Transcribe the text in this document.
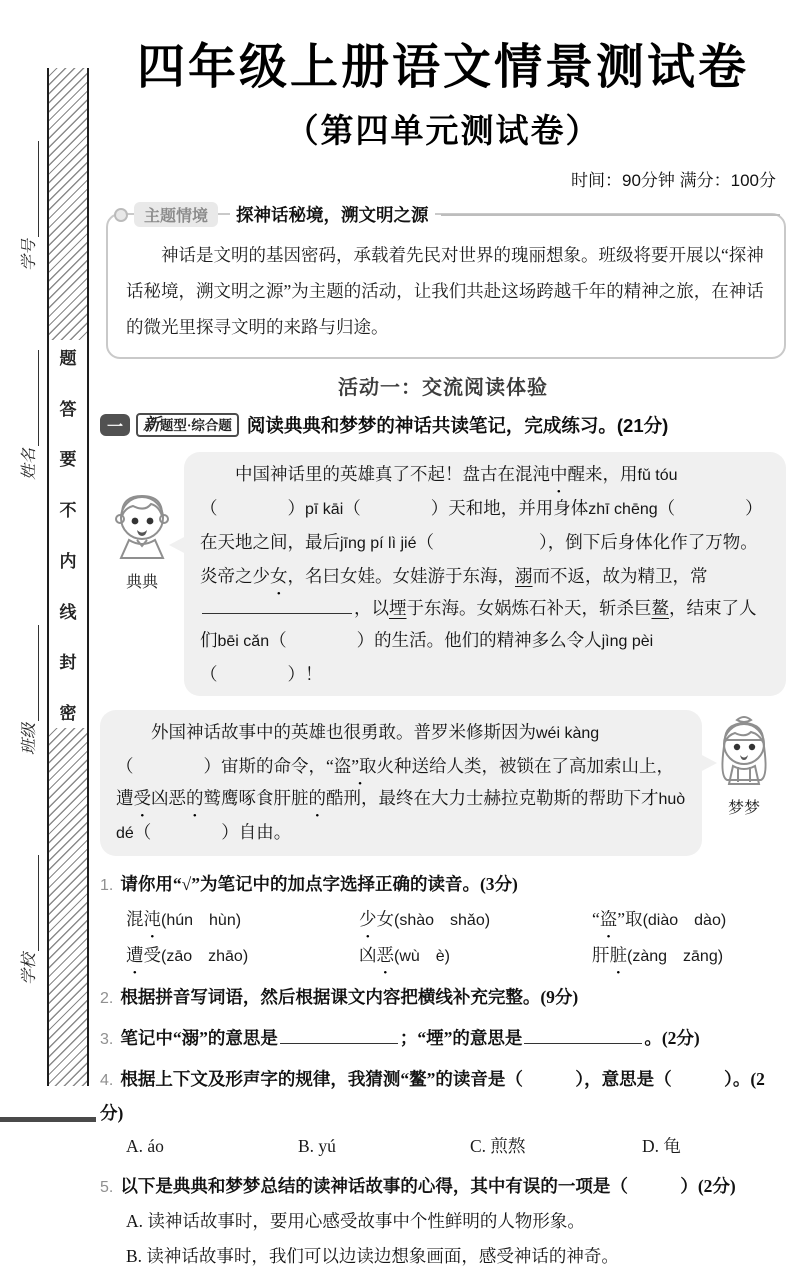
学号
姓名
班级
学校
题
答
要
不
内
线
封
密
四年级上册语文情景测试卷
（第四单元测试卷）
时间：90分钟 满分：100分
主题情境	探神话秘境，溯文明之源

神话是文明的基因密码，承载着先民对世界的瑰丽想象。班级将要开展以“探神话秘境，溯文明之源”为主题的活动，让我们共赴这场跨越千年的精神之旅，在神话的微光里探寻文明的来路与归途。

活动一：交流阅读体验
一	新题型·综合题 阅读典典和梦梦的神话共读笔记，完成练习。(21分)
典典

中国神话里的英雄真了不起！盘古在混沌中醒来，用fǔ tóu（　　　　）pī kāi（　　　　）天和地，并用身体zhī chēng（　　　　）在天地之间，最后jīng pí lì jié（　　　　　　），倒下后身体化作了万物。炎帝之少女，名曰女娃。女娃游于东海，溺而不返，故为精卫，常，以堙于东海。女娲炼石补天，斩杀巨鳌，结束了人们bēi cǎn（　　　　）的生活。他们的精神多么令人jìng pèi（　　　　）！

梦梦

外国神话故事中的英雄也很勇敢。普罗米修斯因为wéi kàng（　　　　）宙斯的命令，“盗”取火种送给人类，被锁在了高加索山上，遭受凶恶的鹫鹰啄食肝脏的酷刑，最终在大力士赫拉克勒斯的帮助下才huò dé（　　　　）自由。

1. 请你用“√”为笔记中的加点字选择正确的读音。(3分)
混沌(hún　hùn)	少女(shào　shǎo)	“盗”取(diào　dào)
遭受(zāo　zhāo)	凶恶(wù　è)	肝脏(zàng　zāng)
2. 根据拼音写词语，然后根据课文内容把横线补充完整。(9分)
3. 笔记中“溺”的意思是	；“堙”的意思是	。(2分)
4. 根据上下文及形声字的规律，我猜测“鳌”的读音是（　　　），意思是（　　　）。(2分)
A. áo	B. yú	C. 煎熬	D. 龟
5. 以下是典典和梦梦总结的读神话故事的心得，其中有误的一项是（　　　）(2分)
A. 读神话故事时，要用心感受故事中个性鲜明的人物形象。
B. 读神话故事时，我们可以边读边想象画面，感受神话的神奇。
